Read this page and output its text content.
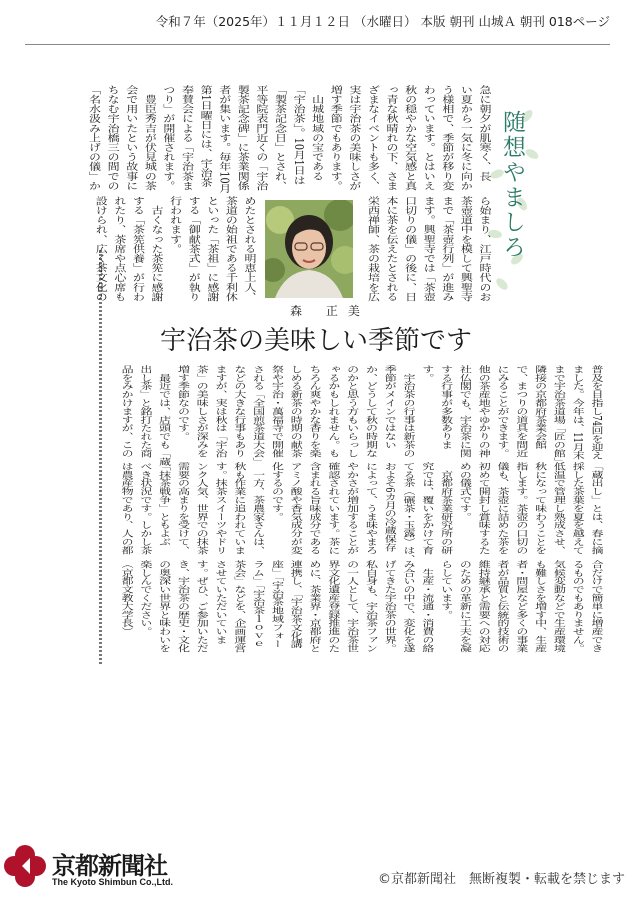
令和７年（2025年）１１月１２日 （水曜日） 本版 朝刊 山城Ａ 朝刊 018ページ
随想やましろ
急に朝夕が肌寒く、長
い夏から一気に冬に向か
う様相で、季節が移り変
わっています。とはいえ
秋の穏やかな空気感と真
っ青な秋晴れの下、さま
ざまなイベントも多く、
実は宇治茶の美味しさが
増す季節でもあります。
　山城地域の宝である
「宇治茶」。10月1日は
「製茶記念日」とされ、
平等院表門近くの「宇治
製茶記念碑」に茶業関係
者が集います。毎年10月
第1日曜日には、宇治茶
奉賛会による「宇治茶ま
つり」が開催されます。
　豊臣秀吉が伏見城の茶
会で用いたという故事に
ちなむ宇治橋三の間での
「名水汲み上げの儀」か
ら始まり、江戸時代のお
茶壺道中を模して興聖寺
まで「茶壺行列」が進み
ます。興聖寺では「茶壺
口切りの儀」の後に、日
本に茶を伝えたとされる
栄西禅師、茶の栽培を広
めたとされる明恵上人、
茶道の始祖である千利休
といった「茶祖」に感謝
する「御献茶式」が執り
行われます。
　古くなった茶筅に感謝
する「茶筅供養」が行わ
れたり、茶席や点心席も
設けられ、広く茶文化の
森 正美
宇治茶の美味しい季節です
普及を目指し74回を迎え
ました。今年は、11月末
まで宇治茶道場「匠の館」
隣接の京都府茶業会館
で、まつりの道具を間近
にみることができます。
他の茶産地やゆかりの神
社仏閣でも、宇治茶に関
する行事が多数ありま
す。
　宇治茶の行事は新茶の
季節がメインではない
か、どうして秋の時期な
のかと思う方もいらっし
ゃるかもしれません。も
ちろん爽やかな香りを楽
しめる新茶の時期の献茶
祭や宇治・萬福寺で開催
される「全国煎茶道大会」
などの大きな行事もあり
ますが、実は秋は「宇治
茶」の美味しさが深みを
増す季節なのです。
　最近では、店頭でも「蔵
出し茶」と銘打たれた商
品をみかけますが、この
「蔵出し」とは、春に摘
採した茶葉を夏を越えて
低温で管理し熟成させ、
秋になって味わうことを
指します。茶壺の口切の
儀も、茶壺に詰めた茶を
初めて開封し賞味するた
めの儀式です。
　京都府茶業研究所の研
究では、覆いをかけて育
てる茶（碾茶・玉露）は、
およそ6カ月の冷蔵保存
によって、うま味やまろ
やかさが増加することが
確認されています。茶に
含まれる旨味成分である
アミノ酸や香気成分が変
化するのです。
　一方、茶農家さんは、
秋も作業に追われていま
す。抹茶スイーツやドリ
ンク人気、世界での抹茶
需要の高まりを受けて、
「抹茶戦争」ともよぶ
べき状況です。しかし茶
は農産物であり、人の都
合だけで簡単に増産でき
るものでもありません。
気候変動などで生産環境
も難しさを増す中、生産
者・問屋など多くの事業
者が品質と伝統的技術の
維持継承と需要への対応
のための革新に工夫を凝
らしています。
　生産・流通・消費の絡
み合いの中で、変化を遂
げてきた宇治茶の世界。
私自身も、宇治茶ファン
の一人として、宇治茶世
界文化遺産登録推進のた
めに、茶業界・京都府と
連携し、「宇治茶文化講
座」「宇治茶地域フォー
ラム」「宇治茶ｌｏｖｅ
茶会」などを、企画運営
させていただいていま
す。ぜひ、ご参加いただ
き、宇治茶の歴史・文化
の奥深い世界と味わいを
楽しんでください。
（京都文教大学長）
京都新聞社
The Kyoto Shimbun Co.,Ltd.	©京都新聞社　無断複製・転載を禁じます
